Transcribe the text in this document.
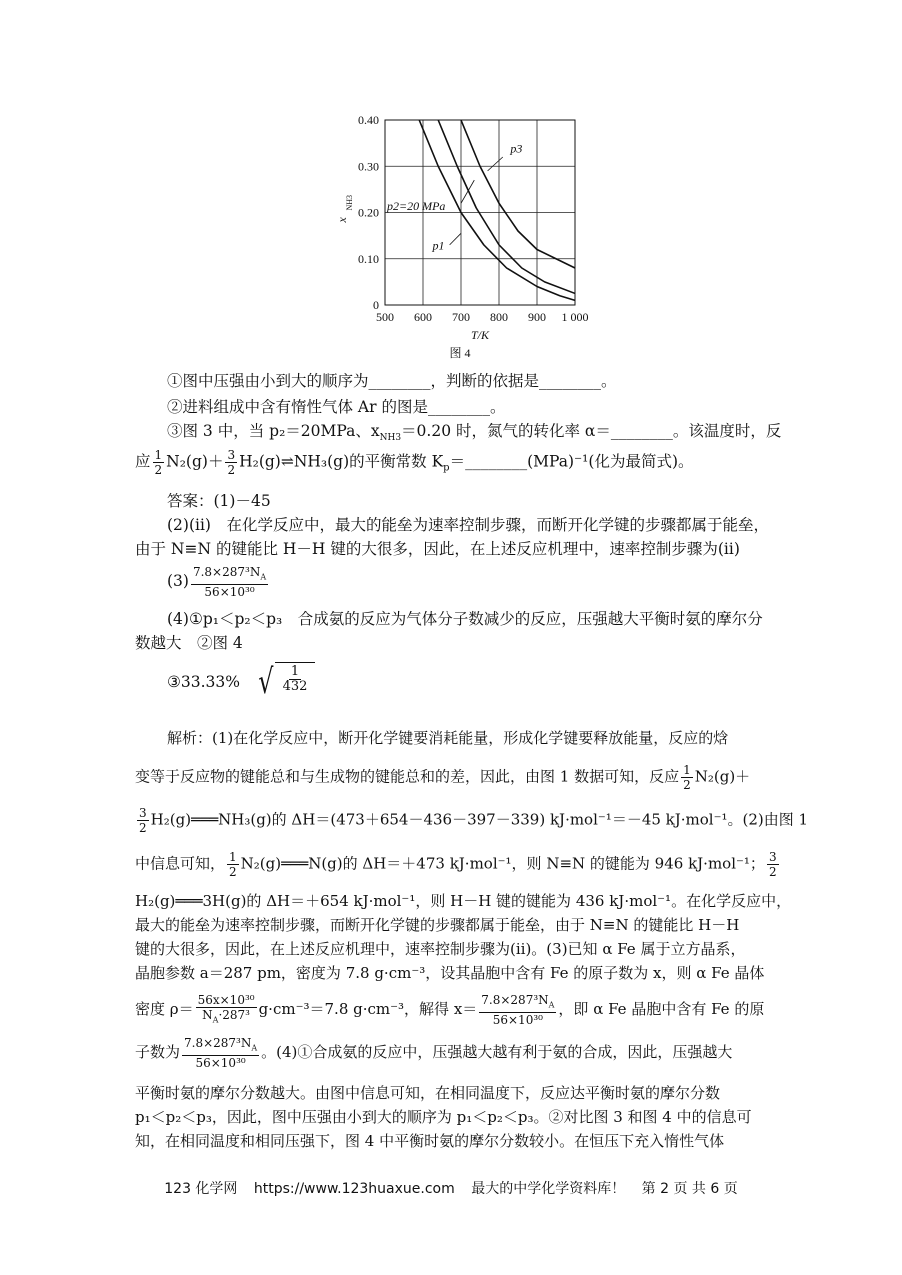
500 600 700 800 900 1 000
0
0.10
0.20
0.30
0.40
p3
p2=20 MPa
p1
x
NH3
T/K
图 4
①图中压强由小到大的顺序为________，判断的依据是________。
②进料组成中含有惰性气体 Ar 的图是________。
③图 3 中，当 p₂＝20MPa、$x_{NH3}=0.20$ 时，氮气的转化率 α＝________。该温度时，反
应 $\frac{1}{2} N_2(g)+ \frac{3}{2}$ H₂(g)⇌NH₃(g)的平衡常数 $K_p=\_\_\_\_\_\_\_\_(MPa)^{-1}$(化为最简式)。
答案：(1)－45
(2)(ⅱ)　在化学反应中，最大的能垒为速率控制步骤，而断开化学键的步骤都属于能垒，
由于 N≡N 的键能比 H－H 键的大很多，因此，在上述反应机理中，速率控制步骤为(ⅱ)
$(3) \frac{7.8\times 287^3N_A}{\text{56×10³⁰}}$
(4)①p₁＜p₂＜p₃　合成氨的反应为气体分子数减少的反应，压强越大平衡时氨的摩尔分
数越大　②图 4
③33.33% √ $\frac{1}{432}$
解析：(1)在化学反应中，断开化学键要消耗能量，形成化学键要释放能量，反应的焓
变等于反应物的键能总和与生成物的键能总和的差，因此，由图 1 数据可知，反应 $\frac{1}{2} N_2(g)+$
$\frac{3}{2}$ H₂(g)═══NH₃(g)的 ΔH＝(473＋654－436－397－339) kJ·mol⁻¹＝－45 kJ·mol⁻¹。(2)由图 1
中信息可知， $\frac{1}{2}$ N₂(g)═══N(g)的 ΔH＝＋473 kJ·mol⁻¹，则 N≡N 的键能为 946 kJ·mol⁻¹； $\frac{3}{2}$
H₂(g)═══3H(g)的 ΔH＝＋654 kJ·mol⁻¹，则 H－H 键的键能为 436 kJ·mol⁻¹。在化学反应中，
最大的能垒为速率控制步骤，而断开化学键的步骤都属于能垒，由于 N≡N 的键能比 H－H
键的大很多，因此，在上述反应机理中，速率控制步骤为(ⅱ)。(3)已知 α Fe 属于立方晶系，
晶胞参数 a＝287 pm，密度为 7.8 g·cm⁻³，设其晶胞中含有 Fe 的原子数为 x，则 α Fe 晶体
密度 $\rho= \frac{\text{56x×10³⁰}}{N_A\cdot 287^3} g\cdot cm^{-3}=7.8$ g·cm⁻³，解得 $x= \frac{7.8\times 287^3N_A}{\text{56×10³⁰}}$ ，即 α Fe 晶胞中含有 Fe 的原
子数为 $\frac{7.8\times 287^3N_A}{\text{56×10³⁰}}$ 。(4)①合成氨的反应中，压强越大越有利于氨的合成，因此，压强越大
平衡时氨的摩尔分数越大。由图中信息可知，在相同温度下，反应达平衡时氨的摩尔分数
p₁＜p₂＜p₃，因此，图中压强由小到大的顺序为 p₁＜p₂＜p₃。②对比图 3 和图 4 中的信息可
知，在相同温度和相同压强下，图 4 中平衡时氨的摩尔分数较小。在恒压下充入惰性气体
123 化学网 https://www.123huaxue.com 最大的中学化学资料库！ 第 2 页 共 6 页
